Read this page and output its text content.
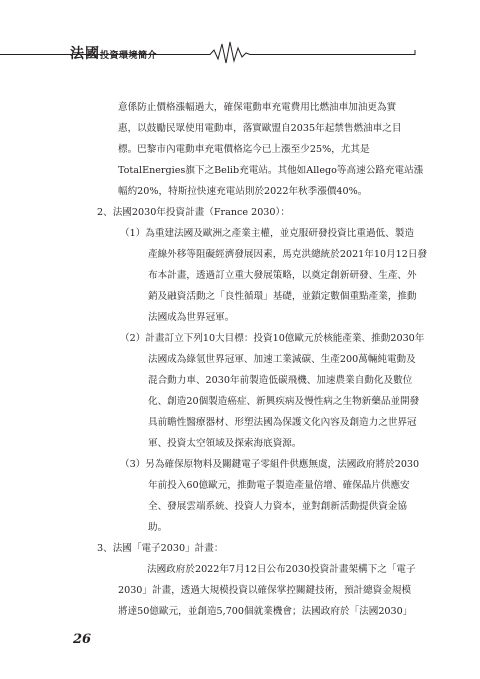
法國投資環境簡介
意係防止價格漲幅過大，確保電動車充電費用比燃油車加油更為實
惠，以鼓勵民眾使用電動車，落實歐盟自2035年起禁售燃油車之目
標。巴黎市內電動車充電價格迄今已上漲至少25%，尤其是
TotalEnergies旗下之Belib充電站。其他如Allego等高速公路充電站漲
幅約20%，特斯拉快速充電站則於2022年秋季漲價40%。
2、法國2030年投資計畫（France 2030）：
（1）為重建法國及歐洲之產業主權，並克服研發投資比重過低、製造
產線外移等阻礙經濟發展因素，馬克洪總統於2021年10月12日發
布本計畫，透過訂立重大發展策略，以奠定創新研發、生產、外
銷及融資活動之「良性循環」基礎，並鎖定數個重點產業，推動
法國成為世界冠軍。
（2）計畫訂立下列10大目標：投資10億歐元於核能產業、推動2030年
法國成為綠氫世界冠軍、加速工業減碳、生產200萬輛純電動及
混合動力車、2030年前製造低碳飛機、加速農業自動化及數位
化、創造20個製造癌症、新興疾病及慢性病之生物新藥品並開發
具前瞻性醫療器材、形塑法國為保護文化內容及創造力之世界冠
軍、投資太空領域及探索海底資源。
（3）另為確保原物料及關鍵電子零組件供應無虞，法國政府將於2030
年前投入60億歐元，推動電子製造產量倍增、確保晶片供應安
全、發展雲端系統、投資人力資本，並對創新活動提供資金協
助。
3、法國「電子2030」計畫：
法國政府於2022年7月12日公布2030投資計畫架構下之「電子
2030」計畫，透過大規模投資以確保掌控關鍵技術，預計總資金規模
將達50億歐元，並創造5,700個就業機會；法國政府於「法國2030」
26
